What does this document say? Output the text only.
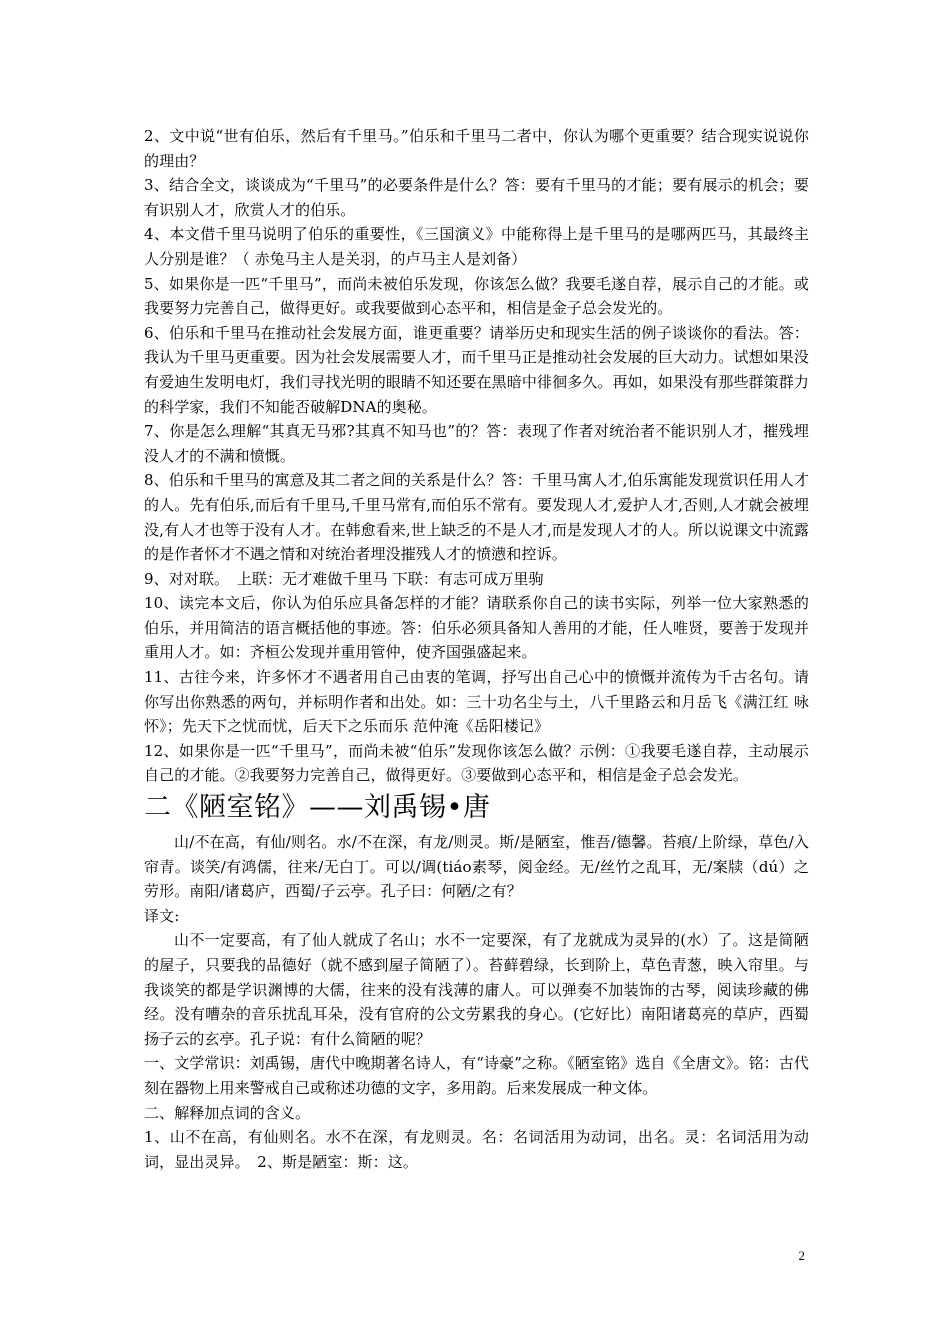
2、文中说“世有伯乐，然后有千里马。”伯乐和千里马二者中，你认为哪个更重要？结合现实说说你的理由？

3、结合全文，谈谈成为“千里马”的必要条件是什么？答：要有千里马的才能；要有展示的机会；要有识别人才，欣赏人才的伯乐。

4、本文借千里马说明了伯乐的重要性，《三国演义》中能称得上是千里马的是哪两匹马，其最终主人分别是谁？（ 赤兔马主人是关羽，的卢马主人是刘备）

5、如果你是一匹“千里马”，而尚未被伯乐发现，你该怎么做？我要毛遂自荐，展示自己的才能。或我要努力完善自己，做得更好。或我要做到心态平和，相信是金子总会发光的。

6、伯乐和千里马在推动社会发展方面，谁更重要？请举历史和现实生活的例子谈谈你的看法。答：我认为千里马更重要。因为社会发展需要人才，而千里马正是推动社会发展的巨大动力。试想如果没有爱迪生发明电灯，我们寻找光明的眼睛不知还要在黑暗中徘徊多久。再如，如果没有那些群策群力的科学家，我们不知能否破解DNA的奥秘。

7、你是怎么理解“其真无马邪?其真不知马也”的？答：表现了作者对统治者不能识别人才，摧残埋没人才的不满和愤慨。

8、伯乐和千里马的寓意及其二者之间的关系是什么？答：千里马寓人才,伯乐寓能发现赏识任用人才的人。先有伯乐,而后有千里马,千里马常有,而伯乐不常有。要发现人才,爱护人才,否则,人才就会被埋没,有人才也等于没有人才。在韩愈看来,世上缺乏的不是人才,而是发现人才的人。所以说课文中流露的是作者怀才不遇之情和对统治者埋没摧残人才的愤懑和控诉。

9、对对联。　上联：无才难做千里马 下联：有志可成万里驹

10、读完本文后，你认为伯乐应具备怎样的才能？请联系你自己的读书实际，列举一位大家熟悉的伯乐，并用简洁的语言概括他的事迹。答：伯乐必须具备知人善用的才能，任人唯贤，要善于发现并重用人才。如：齐桓公发现并重用管仲，使齐国强盛起来。

11、古往今来，许多怀才不遇者用自己由衷的笔调，抒写出自己心中的愤慨并流传为千古名句。请你写出你熟悉的两句，并标明作者和出处。如：三十功名尘与土，八千里路云和月岳飞《满江红 咏怀》；先天下之忧而忧，后天下之乐而乐 范仲淹《岳阳楼记》

12、如果你是一匹“千里马”，而尚未被“伯乐”发现你该怎么做？示例：①我要毛遂自荐，主动展示自己的才能。②我要努力完善自己，做得更好。③要做到心态平和，相信是金子总会发光。

二《陋室铭》——刘禹锡•唐

山/不在高，有仙/则名。水/不在深，有龙/则灵。斯/是陋室，惟吾/德馨。苔痕/上阶绿，草色/入帘青。谈笑/有鸿儒，往来/无白丁。可以/调(tiáo素琴，阅金经。无/丝竹之乱耳，无/案牍（dú）之劳形。南阳/诸葛庐，西蜀/子云亭。孔子曰：何陋/之有？

译文:

山不一定要高，有了仙人就成了名山；水不一定要深，有了龙就成为灵异的(水）了。这是简陋的屋子，只要我的品德好（就不感到屋子简陋了）。苔藓碧绿，长到阶上，草色青葱，映入帘里。与我谈笑的都是学识渊博的大儒，往来的没有浅薄的庸人。可以弹奏不加装饰的古琴，阅读珍藏的佛经。没有嘈杂的音乐扰乱耳朵，没有官府的公文劳累我的身心。(它好比）南阳诸葛亮的草庐，西蜀扬子云的玄亭。孔子说：有什么简陋的呢？

一、文学常识：刘禹锡，唐代中晚期著名诗人，有“诗豪”之称。《陋室铭》选自《全唐文》。铭：古代刻在器物上用来警戒自己或称述功德的文字，多用韵。后来发展成一种文体。

二、解释加点词的含义。

1、山不在高，有仙则名。水不在深，有龙则灵。名：名词活用为动词，出名。灵：名词活用为动词，显出灵异。　2、斯是陋室：斯：这。

2
